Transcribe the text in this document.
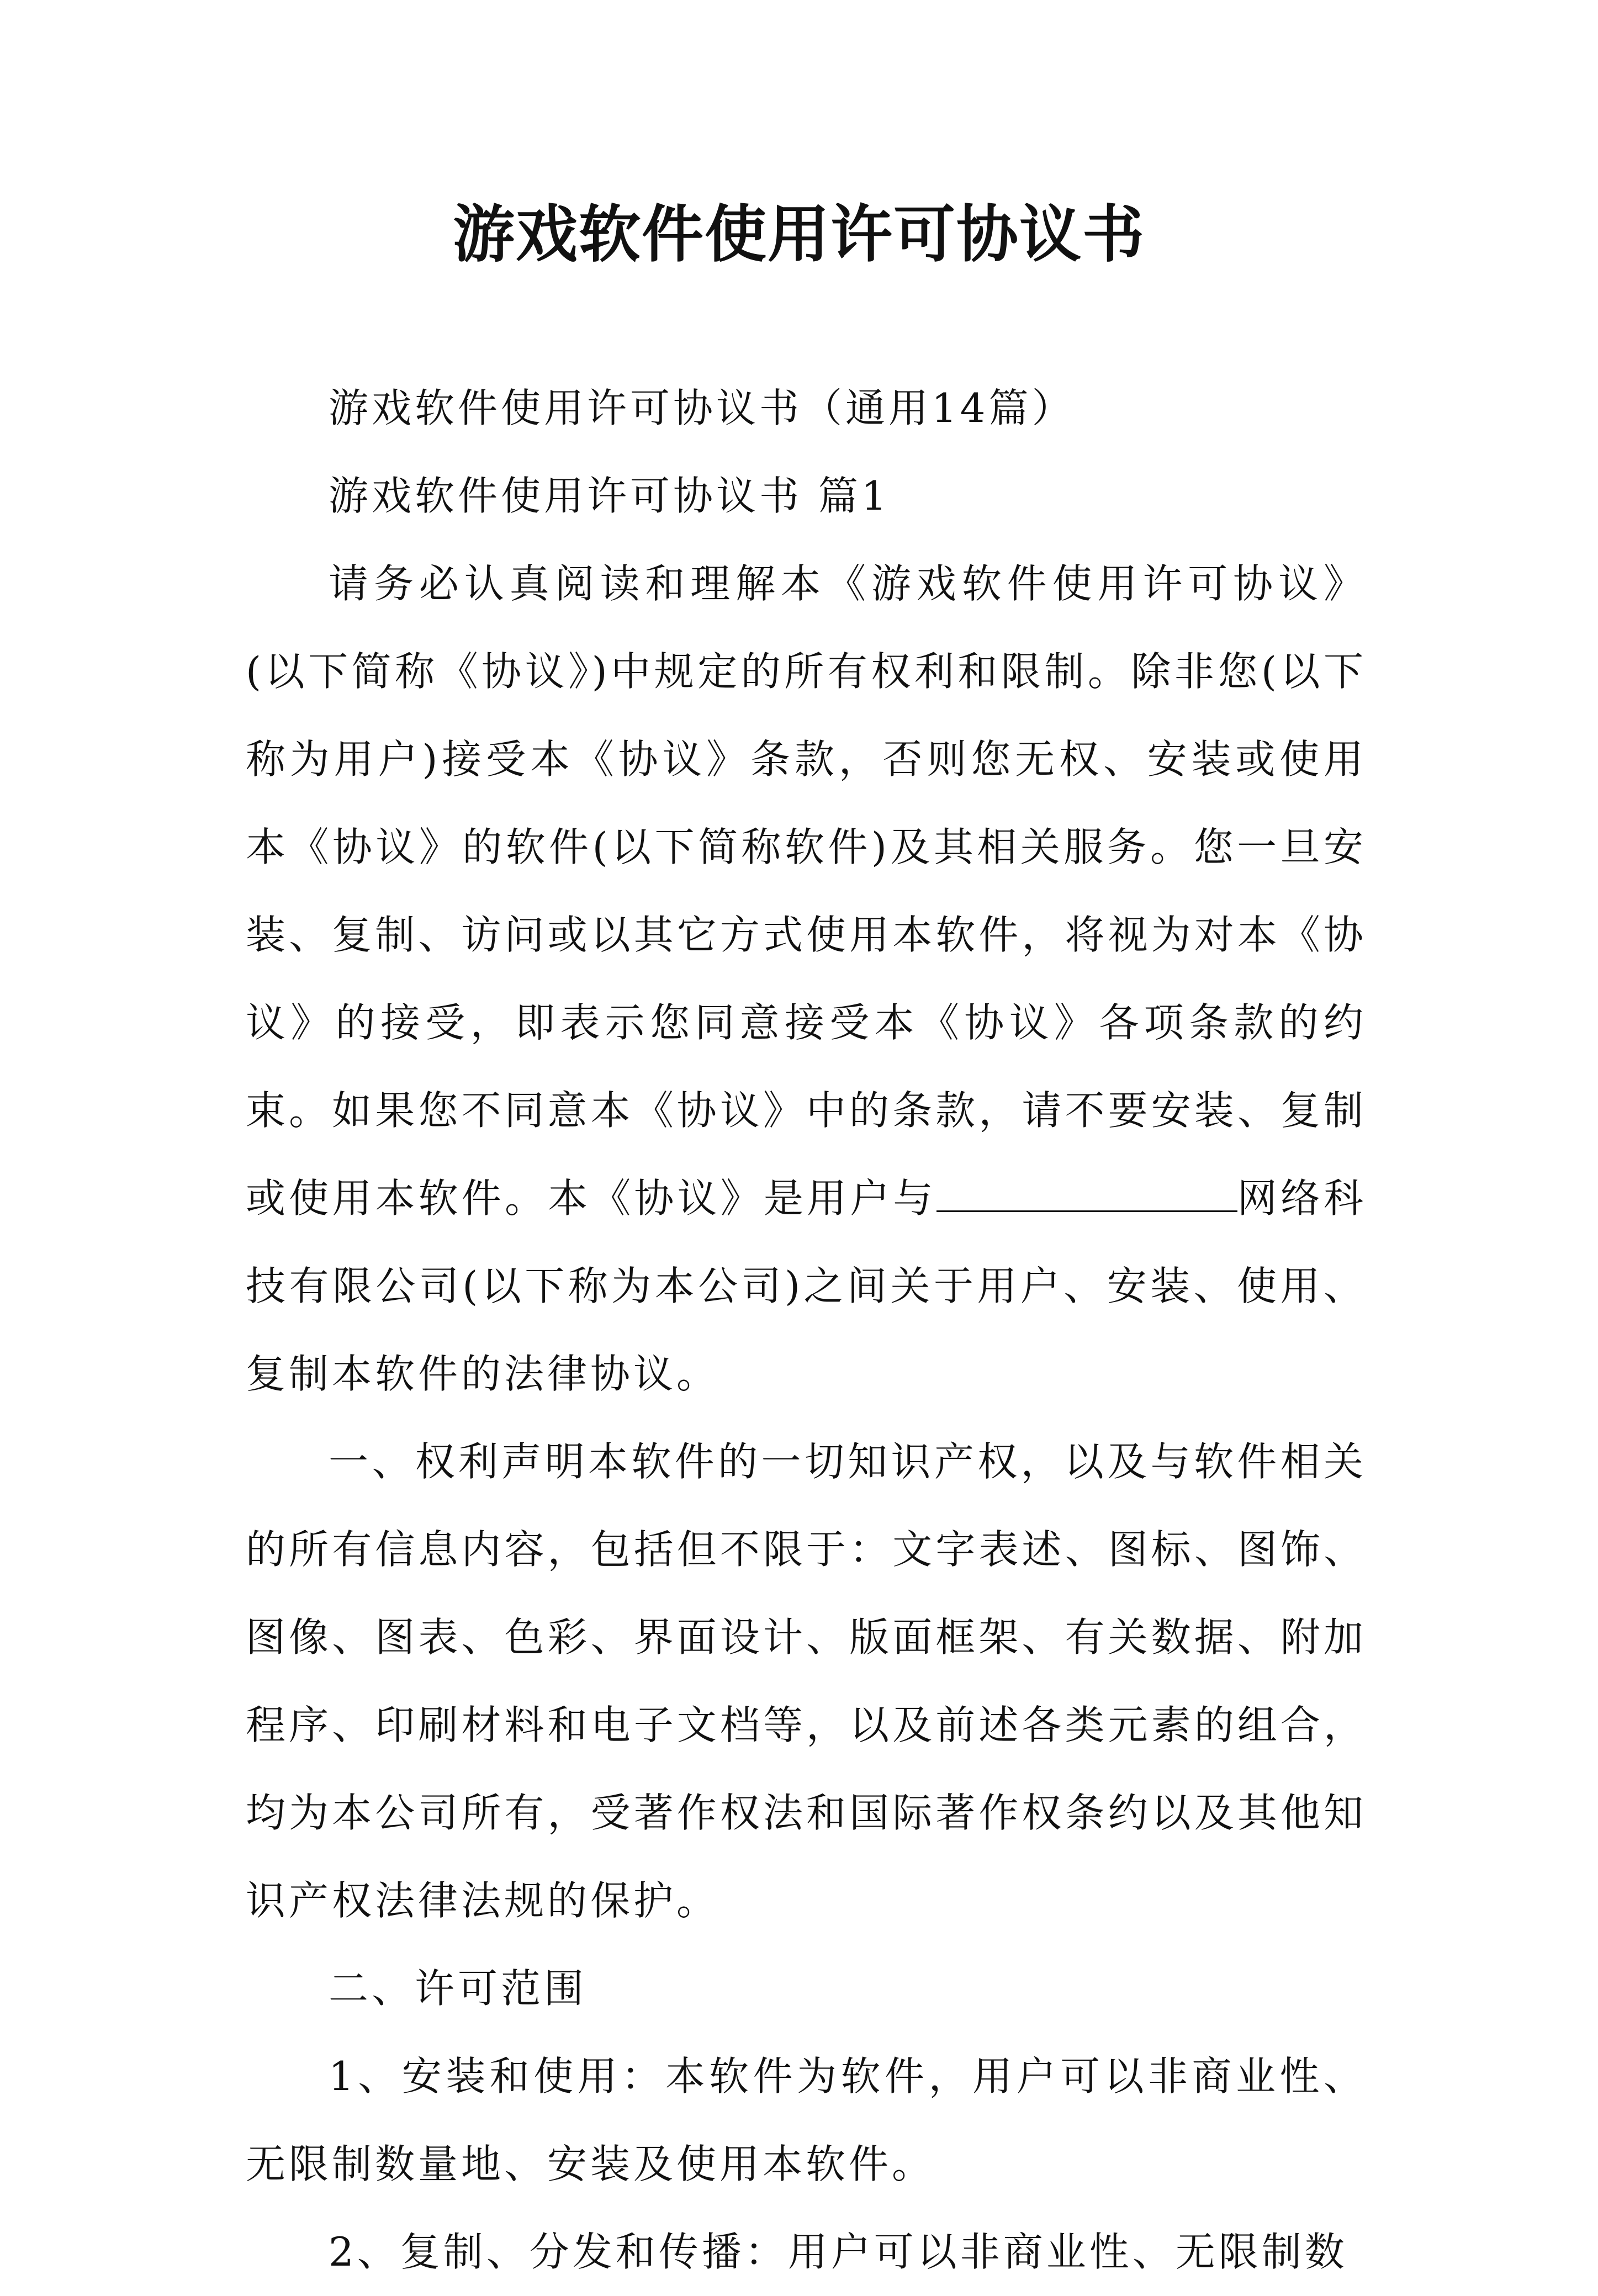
游戏软件使用许可协议书

游戏软件使用许可协议书（通用14篇）

游戏软件使用许可协议书 篇1

请务必认真阅读和理解本《游戏软件使用许可协议》(以下简称《协议》)中规定的所有权利和限制。除非您(以下称为用户)接受本《协议》条款，否则您无权、安装或使用本《协议》的软件(以下简称软件)及其相关服务。您一旦安装、复制、访问或以其它方式使用本软件，将视为对本《协议》的接受，即表示您同意接受本《协议》各项条款的约束。如果您不同意本《协议》中的条款，请不要安装、复制或使用本软件。本《协议》是用户与	网络科技有限公司(以下称为本公司)之间关于用户、安装、使用、复制本软件的法律协议。

一、权利声明本软件的一切知识产权，以及与软件相关的所有信息内容，包括但不限于：文字表述、图标、图饰、图像、图表、色彩、界面设计、版面框架、有关数据、附加程序、印刷材料和电子文档等，以及前述各类元素的组合，均为本公司所有，受著作权法和国际著作权条约以及其他知识产权法律法规的保护。

二、许可范围

1、安装和使用：本软件为软件，用户可以非商业性、无限制数量地、安装及使用本软件。

2、复制、分发和传播：用户可以非商业性、无限制数
